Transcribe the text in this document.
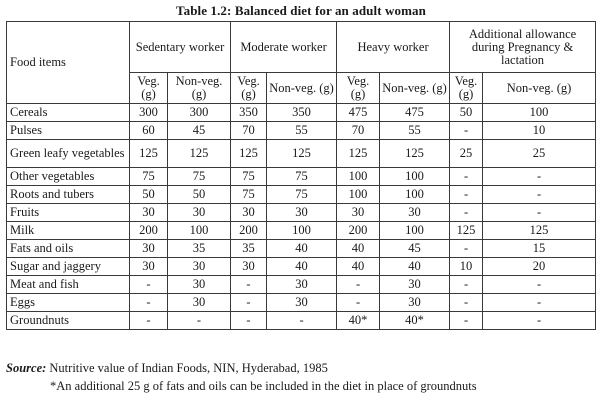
Table 1.2: Balanced diet for an adult woman
Food items	Sedentary worker		Moderate worker		Heavy worker		Additional allowance during Pregnancy & lactation	
	Veg. (g)	Non-veg. (g)	Veg. (g)	Non-veg. (g)	Veg. (g)	Non-veg. (g)	Veg. (g)	Non-veg. (g)
Cereals	300	300	350	350	475	475	50	100
Pulses	60	45	70	55	70	55	-	10
Green leafy vegetables	125	125	125	125	125	125	25	25
Other vegetables	75	75	75	75	100	100	-	-
Roots and tubers	50	50	75	75	100	100	-	-
Fruits	30	30	30	30	30	30	-	-
Milk	200	100	200	100	200	100	125	125
Fats and oils	30	35	35	40	40	45	-	15
Sugar and jaggery	30	30	30	40	40	40	10	20
Meat and fish	-	30	-	30	-	30	-	-
Eggs	-	30	-	30	-	30	-	-
Groundnuts	-	-	-	-	40*	40*	-	-
Source: Nutritive value of Indian Foods, NIN, Hyderabad, 1985
*An additional 25 g of fats and oils can be included in the diet in place of groundnuts
